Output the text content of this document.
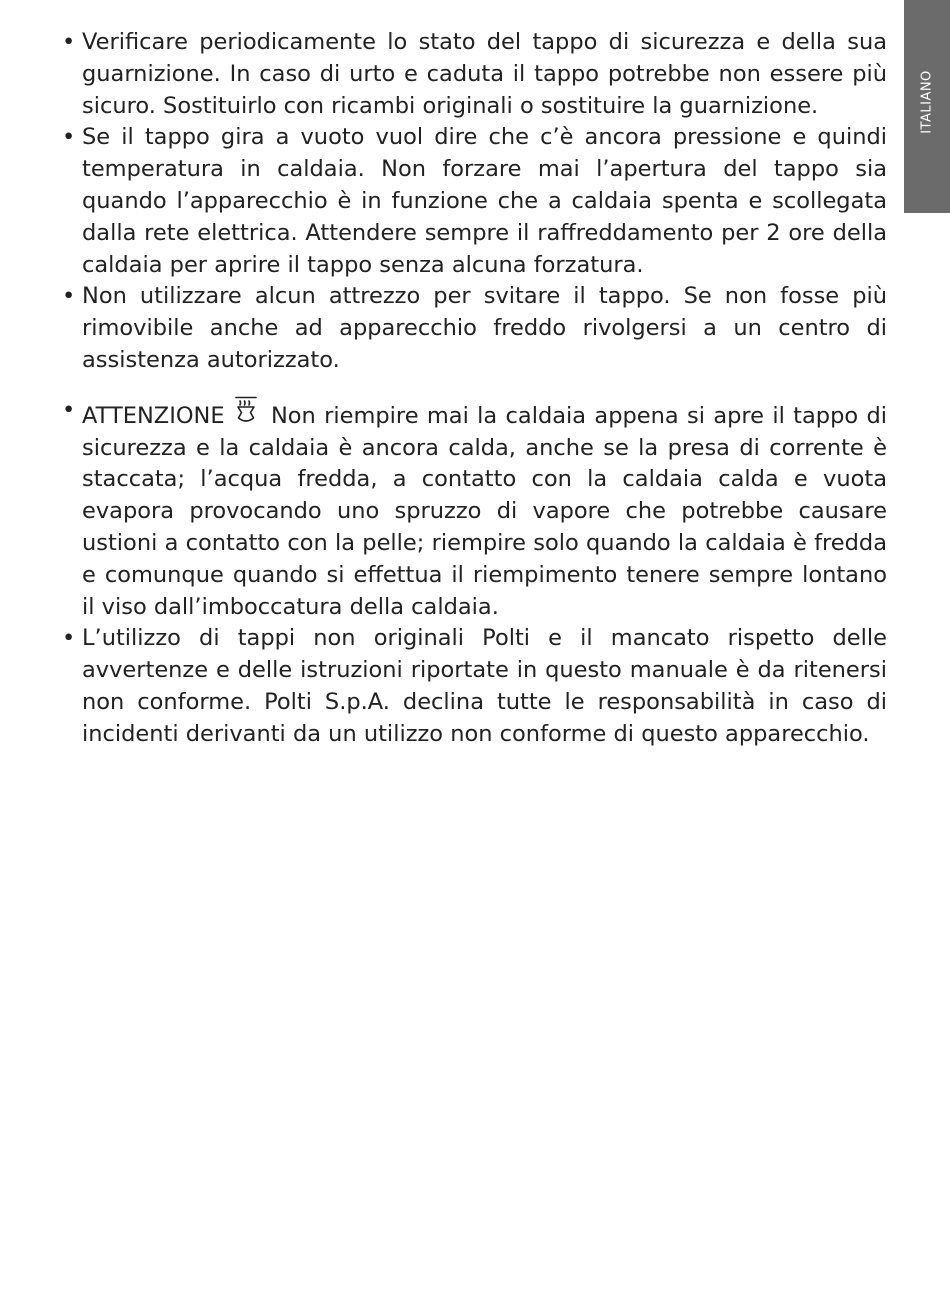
ITALIANO
• Verificare periodicamente lo stato del tappo di sicurezza e della sua guarnizione. In caso di urto e caduta il tappo potrebbe non essere più sicuro. Sostituirlo con ricambi originali o sostituire la guarnizione.
• Se il tappo gira a vuoto vuol dire che c’è ancora pressione e quindi temperatura in caldaia. Non forzare mai l’apertura del tappo sia quando l’apparecchio è in funzione che a caldaia spenta e scollegata dalla rete elettrica. Attendere sempre il raffreddamento per 2 ore della caldaia per aprire il tappo senza alcuna forzatura.
• Non utilizzare alcun attrezzo per svitare il tappo. Se non fosse più rimovibile anche ad apparecchio freddo rivolgersi a un centro di assistenza autorizzato.
• ATTENZIONE Non riempire mai la caldaia appena si apre il tappo di sicurezza e la caldaia è ancora calda, anche se la presa di corrente è staccata; l’acqua fredda, a contatto con la caldaia calda e vuota evapora provocando uno spruzzo di vapore che potrebbe causare ustioni a contatto con la pelle; riempire solo quando la caldaia è fredda e comunque quando si effettua il riempimento tenere sempre lontano il viso dall’imboccatura della caldaia.
• L’utilizzo di tappi non originali Polti e il mancato rispetto delle avvertenze e delle istruzioni riportate in questo manuale è da ritenersi non conforme. Polti S.p.A. declina tutte le responsabilità in caso di incidenti derivanti da un utilizzo non conforme di questo apparecchio.
